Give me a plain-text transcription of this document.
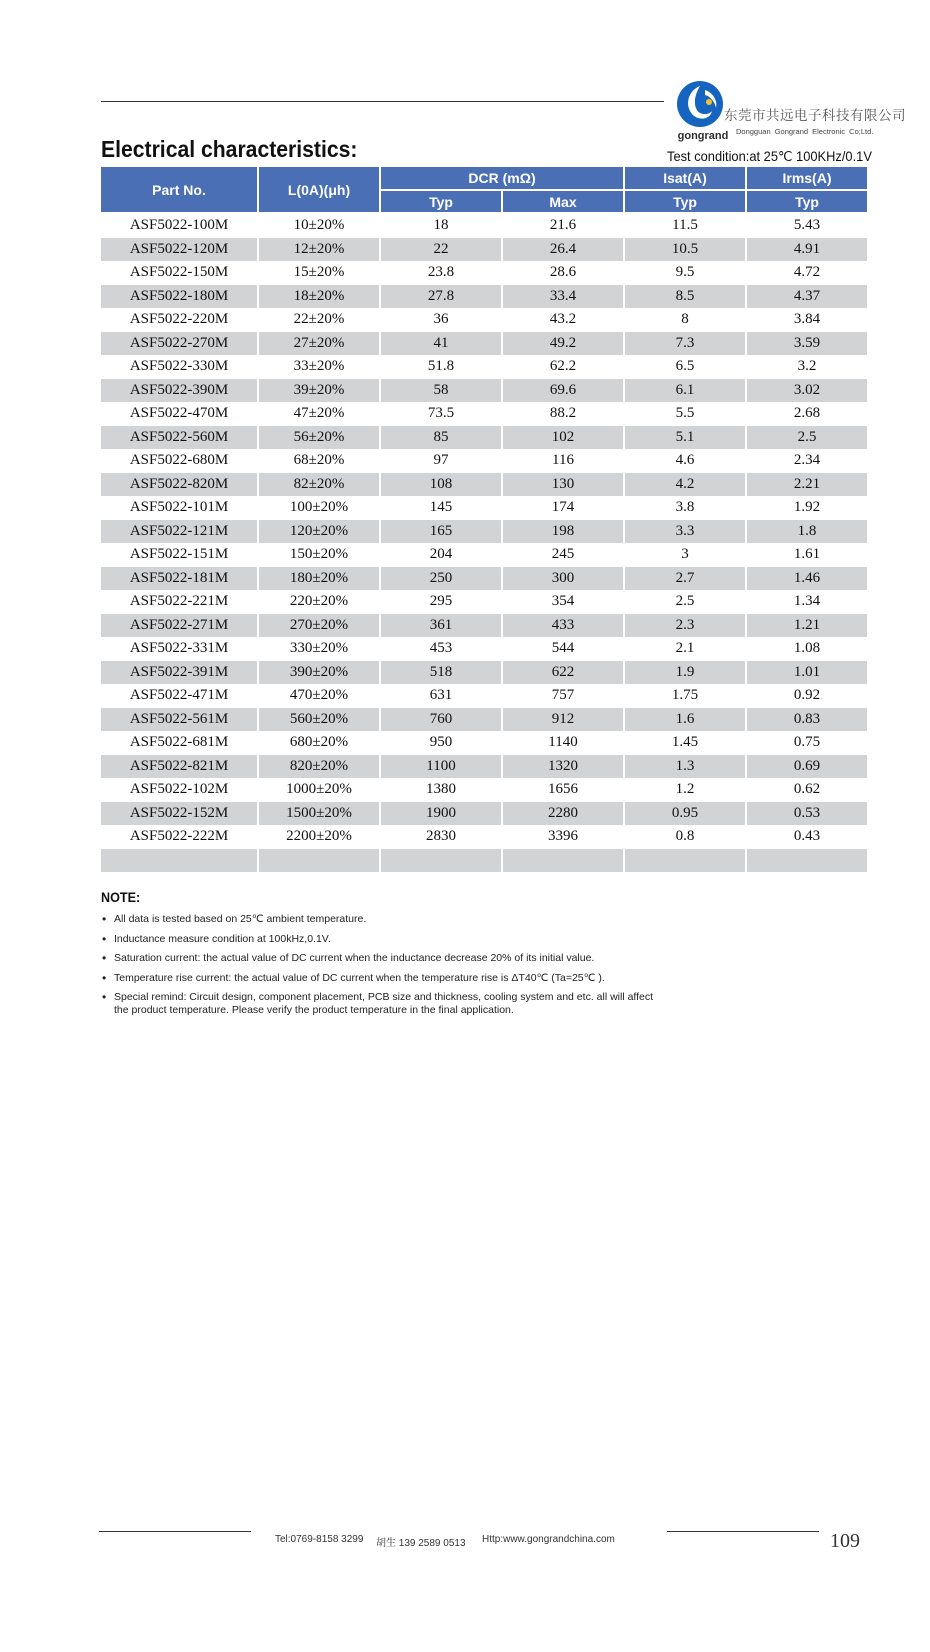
gongrand
东莞市共远电子科技有限公司
Dongguan Gongrand Electronic Co;Ltd.
Electrical characteristics:	Test condition:at 25℃ 100KHz/0.1V
Part No.	L(0A)(μh)	DCR (mΩ)		Isat(A)	Irms(A)
		Typ	Max	Typ	Typ
ASF5022-100M	10±20%	18	21.6	11.5	5.43
ASF5022-120M	12±20%	22	26.4	10.5	4.91
ASF5022-150M	15±20%	23.8	28.6	9.5	4.72
ASF5022-180M	18±20%	27.8	33.4	8.5	4.37
ASF5022-220M	22±20%	36	43.2	8	3.84
ASF5022-270M	27±20%	41	49.2	7.3	3.59
ASF5022-330M	33±20%	51.8	62.2	6.5	3.2
ASF5022-390M	39±20%	58	69.6	6.1	3.02
ASF5022-470M	47±20%	73.5	88.2	5.5	2.68
ASF5022-560M	56±20%	85	102	5.1	2.5
ASF5022-680M	68±20%	97	116	4.6	2.34
ASF5022-820M	82±20%	108	130	4.2	2.21
ASF5022-101M	100±20%	145	174	3.8	1.92
ASF5022-121M	120±20%	165	198	3.3	1.8
ASF5022-151M	150±20%	204	245	3	1.61
ASF5022-181M	180±20%	250	300	2.7	1.46
ASF5022-221M	220±20%	295	354	2.5	1.34
ASF5022-271M	270±20%	361	433	2.3	1.21
ASF5022-331M	330±20%	453	544	2.1	1.08
ASF5022-391M	390±20%	518	622	1.9	1.01
ASF5022-471M	470±20%	631	757	1.75	0.92
ASF5022-561M	560±20%	760	912	1.6	0.83
ASF5022-681M	680±20%	950	1140	1.45	0.75
ASF5022-821M	820±20%	1100	1320	1.3	0.69
ASF5022-102M	1000±20%	1380	1656	1.2	0.62
ASF5022-152M	1500±20%	1900	2280	0.95	0.53
ASF5022-222M	2200±20%	2830	3396	0.8	0.43

NOTE:
• All data is tested based on 25℃ ambient temperature.
• Inductance measure condition at 100kHz,0.1V.
• Saturation current: the actual value of DC current when the inductance decrease 20% of its initial value.
• Temperature rise current: the actual value of DC current when the temperature rise is ΔT40℃ (Ta=25℃ ).
• Special remind: Circuit design, component placement, PCB size and thickness, cooling system and etc. all will affect the product temperature. Please verify the product temperature in the final application.
Tel:0769-8158 3299 胡生 139 2589 0513 Http:www.gongrandchina.com	109
